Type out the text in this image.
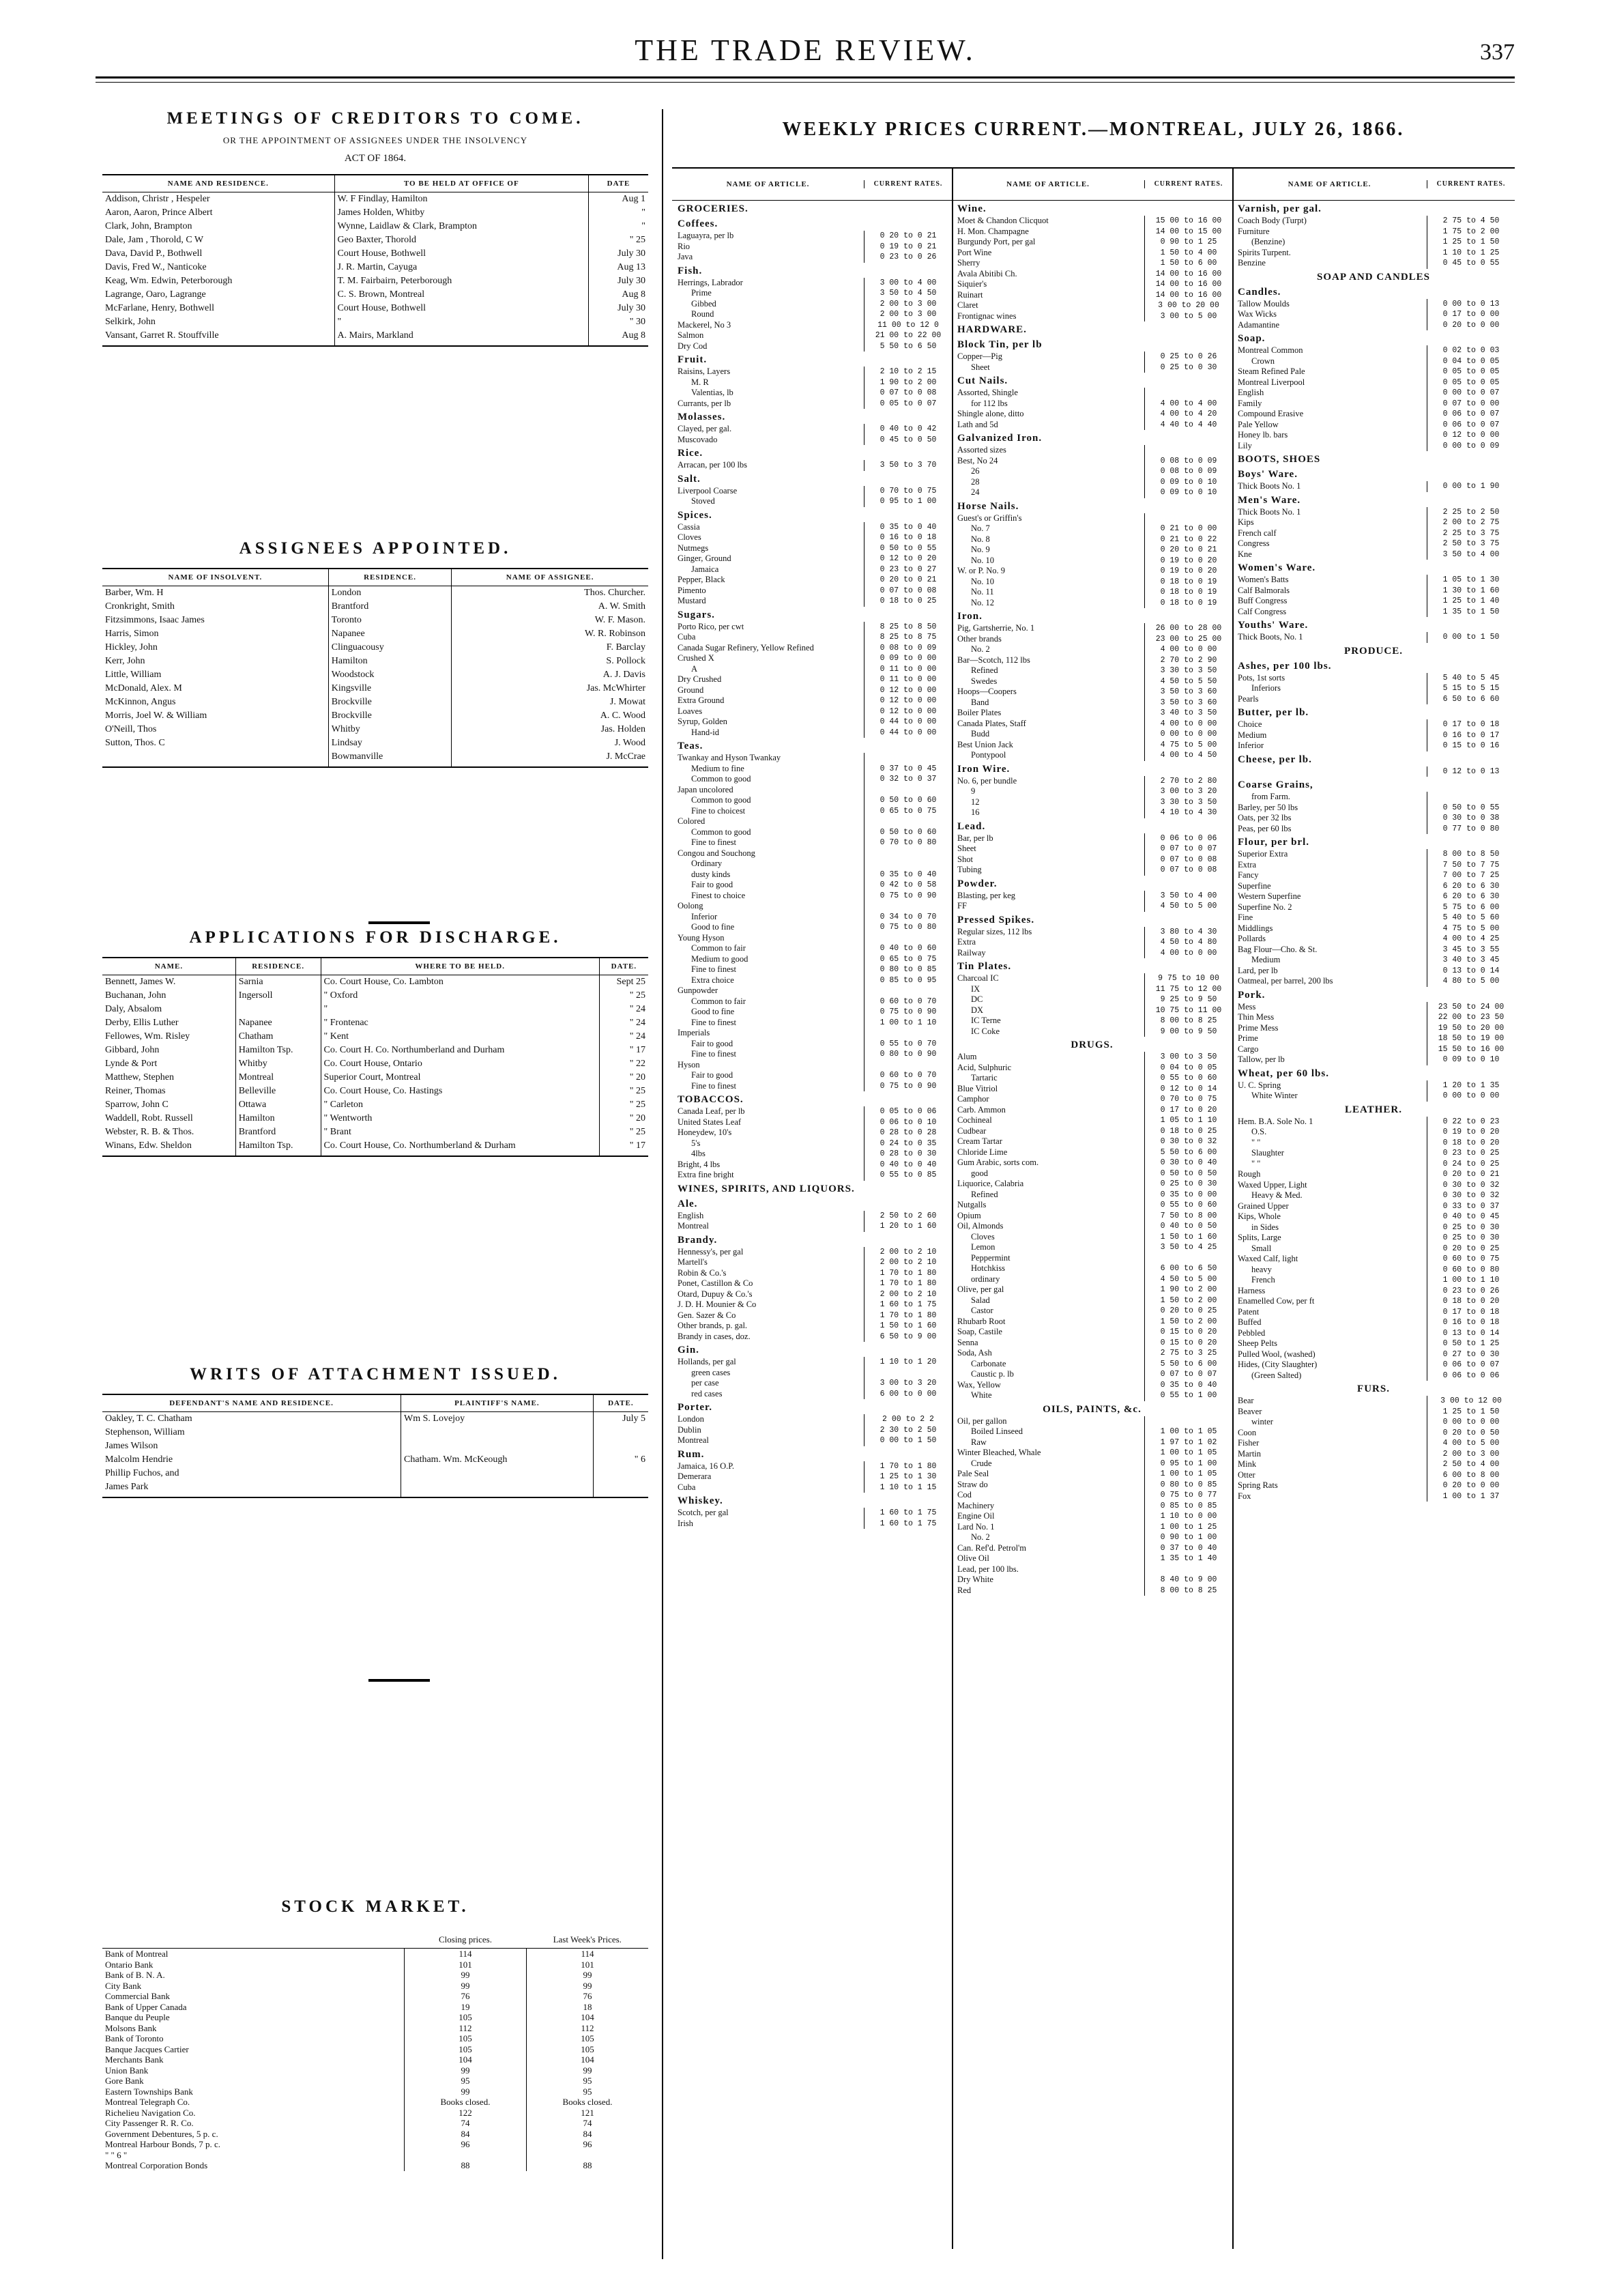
THE TRADE REVIEW.	337
MEETINGS OF CREDITORS TO COME.
OR THE APPOINTMENT OF ASSIGNEES UNDER THE INSOLVENCY
ACT OF 1864.
NAME AND RESIDENCE.	TO BE HELD AT OFFICE OF	DATE
Addison, Christr , Hespeler	W. F Findlay, Hamilton	Aug 1
Aaron, Aaron, Prince Albert	James Holden, Whitby	"
Clark, John, Brampton	Wynne, Laidlaw & Clark, Brampton	"
Dale, Jam , Thorold, C W	Geo Baxter, Thorold	" 25
Dava, David P., Bothwell	Court House, Bothwell	July 30
Davis, Fred W., Nanticoke	J. R. Martin, Cayuga	Aug 13
Keag, Wm. Edwin, Peterborough	T. M. Fairbairn, Peterborough	July 30
Lagrange, Oaro, Lagrange	C. S. Brown, Montreal	Aug 8
McFarlane, Henry, Bothwell	Court House, Bothwell	July 30
Selkirk, John	"	" 30
Vansant, Garret R. Stouffville	A. Mairs, Markland	Aug 8
ASSIGNEES APPOINTED.
NAME OF INSOLVENT.	RESIDENCE.	NAME OF ASSIGNEE.
Barber, Wm. H	London	Thos. Churcher.
Cronkright, Smith	Brantford	A. W. Smith
Fitzsimmons, Isaac James	Toronto	W. F. Mason.
Harris, Simon	Napanee	W. R. Robinson
Hickley, John	Clinguacousy	F. Barclay
Kerr, John	Hamilton	S. Pollock
Little, William	Woodstock	A. J. Davis
McDonald, Alex. M	Kingsville	Jas. McWhirter
McKinnon, Angus	Brockville	J. Mowat
Morris, Joel W. & William	Brockville	A. C. Wood
O'Neill, Thos	Whitby	Jas. Holden
Sutton, Thos. C	Lindsay	J. Wood
	Bowmanville	J. McCrae
APPLICATIONS FOR DISCHARGE.
NAME.	RESIDENCE.	WHERE TO BE HELD.	DATE.
Bennett, James W.	Sarnia	Co. Court House, Co. Lambton	Sept 25
Buchanan, John	Ingersoll	" Oxford	" 25
Daly, Absalom		"	" 24
Derby, Ellis Luther	Napanee	" Frontenac	" 24
Fellowes, Wm. Risley	Chatham	" Kent	" 24
Gibbard, John	Hamilton Tsp.	Co. Court H. Co. Northumberland and Durham	" 17
Lynde & Port	Whitby	Co. Court House, Ontario	" 22
Matthew, Stephen	Montreal	Superior Court, Montreal	" 20
Reiner, Thomas	Belleville	Co. Court House, Co. Hastings	" 25
Sparrow, John C	Ottawa	" Carleton	" 25
Waddell, Robt. Russell	Hamilton	" Wentworth	" 20
Webster, R. B. & Thos.	Brantford	" Brant	" 25
Winans, Edw. Sheldon	Hamilton Tsp.	Co. Court House, Co. Northumberland & Durham	" 17
WRITS OF ATTACHMENT ISSUED.
DEFENDANT'S NAME AND RESIDENCE.	PLAINTIFF'S NAME.	DATE.
Oakley, T. C. Chatham	Wm S. Lovejoy	July 5
Stephenson, William		
James Wilson		
Malcolm Hendrie	Chatham. Wm. McKeough	" 6
Phillip Fuchos, and		
James Park		
STOCK MARKET.
	Closing prices.	Last Week's Prices.
Bank of Montreal	114	114
Ontario Bank	101	101
Bank of B. N. A.	99	99
City Bank	99	99
Commercial Bank	76	76
Bank of Upper Canada	19	18
Banque du Peuple	105	104
Molsons Bank	112	112
Bank of Toronto	105	105
Banque Jacques Cartier	105	105
Merchants Bank	104	104
Union Bank	99	99
Gore Bank	95	95
Eastern Townships Bank	99	95
Montreal Telegraph Co.	Books closed.	Books closed.
Richelieu Navigation Co.	122	121
City Passenger R. R. Co.	74	74
Government Debentures, 5 p. c.	84	84
Montreal Harbour Bonds, 7 p. c.	96	96
" " 6 "		
Montreal Corporation Bonds	88	88
WEEKLY PRICES CURRENT.—MONTREAL, JULY 26, 1866.
NAME OF ARTICLE.	CURRENT RATES.
GROCERIES.
Coffees.
Laguayra, per lb	0 20 to 0 21
Rio	0 19 to 0 21
Java	0 23 to 0 26
Fish.
Herrings, Labrador	3 00 to 4 00
Prime	3 50 to 4 50
Gibbed	2 00 to 3 00
Round	2 00 to 3 00
Mackerel, No 3	11 00 to 12 0
Salmon	21 00 to 22 00
Dry Cod	5 50 to 6 50
Fruit.
Raisins, Layers	2 10 to 2 15
M. R	1 90 to 2 00
Valentias, lb	0 07 to 0 08
Currants, per lb	0 05 to 0 07
Molasses.
Clayed, per gal.	0 40 to 0 42
Muscovado	0 45 to 0 50
Rice.
Arracan, per 100 lbs	3 50 to 3 70
Salt.
Liverpool Coarse	0 70 to 0 75
Stoved	0 95 to 1 00
Spices.
Cassia	0 35 to 0 40
Cloves	0 16 to 0 18
Nutmegs	0 50 to 0 55
Ginger, Ground	0 12 to 0 20
Jamaica	0 23 to 0 27
Pepper, Black	0 20 to 0 21
Pimento	0 07 to 0 08
Mustard	0 18 to 0 25
Sugars.
Porto Rico, per cwt	8 25 to 8 50
Cuba	8 25 to 8 75
Canada Sugar Refinery, Yellow Refined	0 08 to 0 09
Crushed X	0 09 to 0 00
A	0 11 to 0 00
Dry Crushed	0 11 to 0 00
Ground	0 12 to 0 00
Extra Ground	0 12 to 0 00
Loaves	0 12 to 0 00
Syrup, Golden	0 44 to 0 00
Hand-id	0 44 to 0 00
Teas.
Twankay and Hyson Twankay
Medium to fine	0 37 to 0 45
Common to good	0 32 to 0 37
Japan uncolored
Common to good	0 50 to 0 60
Fine to choicest	0 65 to 0 75
Colored
Common to good	0 50 to 0 60
Fine to finest	0 70 to 0 80
Congou and Souchong
Ordinary
dusty kinds	0 35 to 0 40
Fair to good	0 42 to 0 58
Finest to choice	0 75 to 0 90
Oolong
Inferior	0 34 to 0 70
Good to fine	0 75 to 0 80
Young Hyson
Common to fair	0 40 to 0 60
Medium to good	0 65 to 0 75
Fine to finest	0 80 to 0 85
Extra choice	0 85 to 0 95
Gunpowder
Common to fair	0 60 to 0 70
Good to fine	0 75 to 0 90
Fine to finest	1 00 to 1 10
Imperials
Fair to good	0 55 to 0 70
Fine to finest	0 80 to 0 90
Hyson
Fair to good	0 60 to 0 70
Fine to finest	0 75 to 0 90
TOBACCOS.
Canada Leaf, per lb	0 05 to 0 06
United States Leaf	0 06 to 0 10
Honeydew, 10's	0 28 to 0 28
5's	0 24 to 0 35
4lbs	0 28 to 0 30
Bright, 4 lbs	0 40 to 0 40
Extra fine bright	0 55 to 0 85
WINES, SPIRITS, AND LIQUORS.
Ale.
English	2 50 to 2 60
Montreal	1 20 to 1 60
Brandy.
Hennessy's, per gal	2 00 to 2 10
Martell's	2 00 to 2 10
Robin & Co.'s	1 70 to 1 80
Ponet, Castillon & Co	1 70 to 1 80
Otard, Dupuy & Co.'s	2 00 to 2 10
J. D. H. Mounier & Co	1 60 to 1 75
Gen. Sazer & Co	1 70 to 1 80
Other brands, p. gal.	1 50 to 1 60
Brandy in cases, doz.	6 50 to 9 00
Gin.
Hollands, per gal	1 10 to 1 20
green cases
per case	3 00 to 3 20
red cases	6 00 to 0 00
Porter.
London	2 00 to 2 2
Dublin	2 30 to 2 50
Montreal	0 00 to 1 50
Rum.
Jamaica, 16 O.P.	1 70 to 1 80
Demerara	1 25 to 1 30
Cuba	1 10 to 1 15
Whiskey.
Scotch, per gal	1 60 to 1 75
Irish	1 60 to 1 75
NAME OF ARTICLE.	CURRENT RATES.
Wine.
Moet & Chandon Clicquot	15 00 to 16 00
H. Mon. Champagne	14 00 to 15 00
Burgundy Port, per gal	0 90 to 1 25
Port Wine	1 50 to 4 00
Sherry	1 50 to 6 00
Avala Abitibi Ch.	14 00 to 16 00
Siquier's	14 00 to 16 00
Ruinart	14 00 to 16 00
Claret	3 00 to 20 00
Frontignac wines	3 00 to 5 00
HARDWARE.
Block Tin, per lb
Copper—Pig	0 25 to 0 26
Sheet	0 25 to 0 30
Cut Nails.
Assorted, Shingle
for 112 lbs	4 00 to 4 00
Shingle alone, ditto	4 00 to 4 20
Lath and 5d	4 40 to 4 40
Galvanized Iron.
Assorted sizes
Best, No 24	0 08 to 0 09
26	0 08 to 0 09
28	0 09 to 0 10
24	0 09 to 0 10
Horse Nails.
Guest's or Griffin's
No. 7	0 21 to 0 00
No. 8	0 21 to 0 22
No. 9	0 20 to 0 21
No. 10	0 19 to 0 20
W. or P. No. 9	0 19 to 0 20
No. 10	0 18 to 0 19
No. 11	0 18 to 0 19
No. 12	0 18 to 0 19
Iron.
Pig, Gartsherrie, No. 1	26 00 to 28 00
Other brands	23 00 to 25 00
No. 2	4 00 to 0 00
Bar—Scotch, 112 lbs	2 70 to 2 90
Refined	3 30 to 3 50
Swedes	4 50 to 5 50
Hoops—Coopers	3 50 to 3 60
Band	3 50 to 3 60
Boiler Plates	3 40 to 3 50
Canada Plates, Staff	4 00 to 0 00
Budd	0 00 to 0 00
Best Union Jack	4 75 to 5 00
Pontypool	4 00 to 4 50
Iron Wire.
No. 6, per bundle	2 70 to 2 80
9	3 00 to 3 20
12	3 30 to 3 50
16	4 10 to 4 30
Lead.
Bar, per lb	0 06 to 0 06
Sheet	0 07 to 0 07
Shot	0 07 to 0 08
Tubing	0 07 to 0 08
Powder.
Blasting, per keg	3 50 to 4 00
FF	4 50 to 5 00
Pressed Spikes.
Regular sizes, 112 lbs	3 80 to 4 30
Extra	4 50 to 4 80
Railway	4 00 to 0 00
Tin Plates.
Charcoal IC	9 75 to 10 00
IX	11 75 to 12 00
DC	9 25 to 9 50
DX	10 75 to 11 00
IC Terne	8 00 to 8 25
IC Coke	9 00 to 9 50
DRUGS.
Alum	3 00 to 3 50
Acid, Sulphuric	0 04 to 0 05
Tartaric	0 55 to 0 60
Blue Vitriol	0 12 to 0 14
Camphor	0 70 to 0 75
Carb. Ammon	0 17 to 0 20
Cochineal	1 05 to 1 10
Cudbear	0 18 to 0 25
Cream Tartar	0 30 to 0 32
Chloride Lime	5 50 to 6 00
Gum Arabic, sorts com.	0 30 to 0 40
good	0 50 to 0 50
Liquorice, Calabria	0 25 to 0 30
Refined	0 35 to 0 00
Nutgalls	0 55 to 0 60
Opium	7 50 to 8 00
Oil, Almonds	0 40 to 0 50
Cloves	1 50 to 1 60
Lemon	3 50 to 4 25
Peppermint
Hotchkiss	6 00 to 6 50
ordinary	4 50 to 5 00
Olive, per gal	1 90 to 2 00
Salad	1 50 to 2 00
Castor	0 20 to 0 25
Rhubarb Root	1 50 to 2 00
Soap, Castile	0 15 to 0 20
Senna	0 15 to 0 20
Soda, Ash	2 75 to 3 25
Carbonate	5 50 to 6 00
Caustic p. lb	0 07 to 0 07
Wax, Yellow	0 35 to 0 40
White	0 55 to 1 00
OILS, PAINTS, &c.
Oil, per gallon
Boiled Linseed	1 00 to 1 05
Raw	1 97 to 1 02
Winter Bleached, Whale	1 00 to 1 05
Crude	0 95 to 1 00
Pale Seal	1 00 to 1 05
Straw do	0 80 to 0 85
Cod	0 75 to 0 77
Machinery	0 85 to 0 85
Engine Oil	1 10 to 0 00
Lard No. 1	1 00 to 1 25
No. 2	0 90 to 1 00
Can. Ref'd. Petrol'm	0 37 to 0 40
Olive Oil	1 35 to 1 40
Lead, per 100 lbs.
Dry White	8 40 to 9 00
Red	8 00 to 8 25
NAME OF ARTICLE.	CURRENT RATES.
Varnish, per gal.
Coach Body (Turpt)	2 75 to 4 50
Furniture	1 75 to 2 00
(Benzine)	1 25 to 1 50
Spirits Turpent.	1 10 to 1 25
Benzine	0 45 to 0 55
SOAP AND CANDLES
Candles.
Tallow Moulds	0 00 to 0 13
Wax Wicks	0 17 to 0 00
Adamantine	0 20 to 0 00
Soap.
Montreal Common	0 02 to 0 03
Crown	0 04 to 0 05
Steam Refined Pale	0 05 to 0 05
Montreal Liverpool	0 05 to 0 05
English	0 00 to 0 07
Family	0 07 to 0 00
Compound Erasive	0 06 to 0 07
Pale Yellow	0 06 to 0 07
Honey lb. bars	0 12 to 0 00
Lily	0 00 to 0 09
BOOTS, SHOES
Boys' Ware.
Thick Boots No. 1	0 00 to 1 90
Men's Ware.
Thick Boots No. 1	2 25 to 2 50
Kips	2 00 to 2 75
French calf	2 25 to 3 75
Congress	2 50 to 3 75
Kne	3 50 to 4 00
Women's Ware.
Women's Batts	1 05 to 1 30
Calf Balmorals	1 30 to 1 60
Buff Congress	1 25 to 1 40
Calf Congress	1 35 to 1 50
Youths' Ware.
Thick Boots, No. 1	0 00 to 1 50
PRODUCE.
Ashes, per 100 lbs.
Pots, 1st sorts	5 40 to 5 45
Inferiors	5 15 to 5 15
Pearls	6 50 to 6 60
Butter, per lb.
Choice	0 17 to 0 18
Medium	0 16 to 0 17
Inferior	0 15 to 0 16
Cheese, per lb.
0 12 to 0 13
Coarse Grains,
from Farm.
Barley, per 50 lbs	0 50 to 0 55
Oats, per 32 lbs	0 30 to 0 38
Peas, per 60 lbs	0 77 to 0 80
Flour, per brl.
Superior Extra	8 00 to 8 50
Extra	7 50 to 7 75
Fancy	7 00 to 7 25
Superfine	6 20 to 6 30
Western Superfine	6 20 to 6 30
Superfine No. 2	5 75 to 6 00
Fine	5 40 to 5 60
Middlings	4 75 to 5 00
Pollards	4 00 to 4 25
Bag Flour—Cho. & St.	3 45 to 3 55
Medium	3 40 to 3 45
Lard, per lb	0 13 to 0 14
Oatmeal, per barrel, 200 lbs	4 80 to 5 00
Pork.
Mess	23 50 to 24 00
Thin Mess	22 00 to 23 50
Prime Mess	19 50 to 20 00
Prime	18 50 to 19 00
Cargo	15 50 to 16 00
Tallow, per lb	0 09 to 0 10
Wheat, per 60 lbs.
U. C. Spring	1 20 to 1 35
White Winter	0 00 to 0 00
LEATHER.
Hem. B.A. Sole No. 1	0 22 to 0 23
O.S.	0 19 to 0 20
" "	0 18 to 0 20
Slaughter	0 23 to 0 25
" "	0 24 to 0 25
Rough	0 20 to 0 21
Waxed Upper, Light	0 30 to 0 32
Heavy & Med.	0 30 to 0 32
Grained Upper	0 33 to 0 37
Kips, Whole	0 40 to 0 45
in Sides	0 25 to 0 30
Splits, Large	0 25 to 0 30
Small	0 20 to 0 25
Waxed Calf, light	0 60 to 0 75
heavy	0 60 to 0 80
French	1 00 to 1 10
Harness	0 23 to 0 26
Enamelled Cow, per ft	0 18 to 0 20
Patent	0 17 to 0 18
Buffed	0 16 to 0 18
Pebbled	0 13 to 0 14
Sheep Pelts	0 50 to 1 25
Pulled Wool, (washed)	0 27 to 0 30
Hides, (City Slaughter)	0 06 to 0 07
(Green Salted)	0 06 to 0 06
FURS.
Bear	3 00 to 12 00
Beaver	1 25 to 1 50
winter	0 00 to 0 00
Coon	0 20 to 0 50
Fisher	4 00 to 5 00
Martin	2 00 to 3 00
Mink	2 50 to 4 00
Otter	6 00 to 8 00
Spring Rats	0 20 to 0 00
Fox	1 00 to 1 37
